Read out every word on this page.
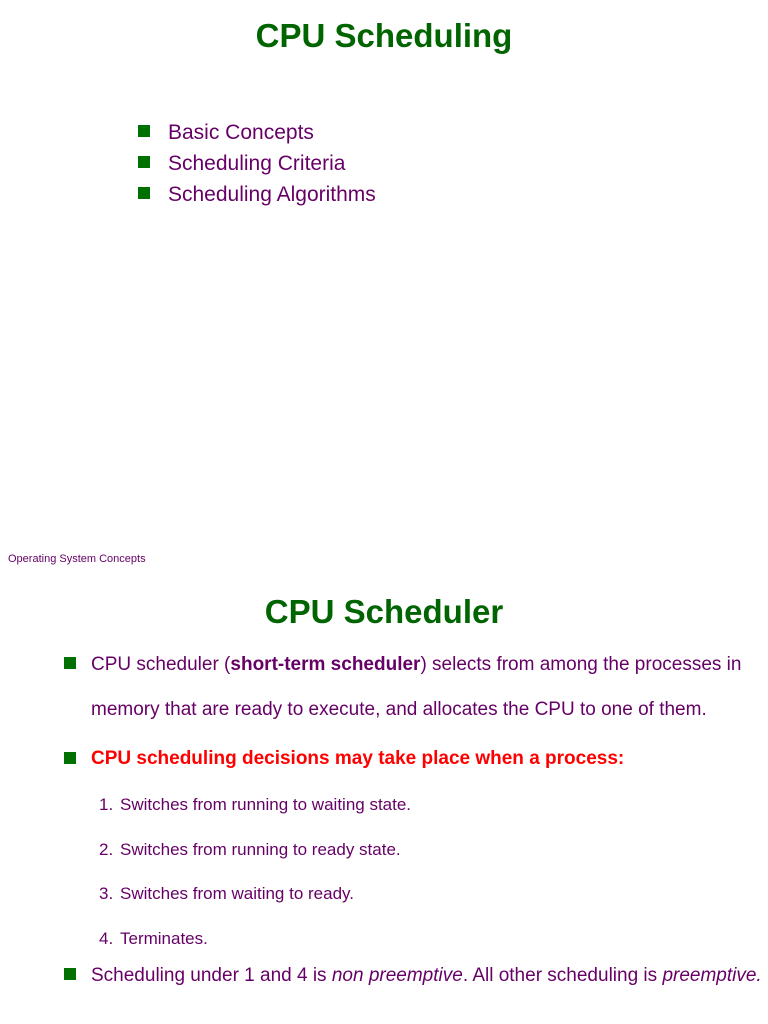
CPU Scheduling
Basic Concepts
Scheduling Criteria
Scheduling Algorithms
Operating System Concepts
CPU Scheduler
CPU scheduler (short-term scheduler) selects from among the processes in
memory that are ready to execute, and allocates the CPU to one of them.
CPU scheduling decisions may take place when a process:
1. Switches from running to waiting state.
2. Switches from running to ready state.
3. Switches from waiting to ready.
4. Terminates.
Scheduling under 1 and 4 is non preemptive. All other scheduling is preemptive.
